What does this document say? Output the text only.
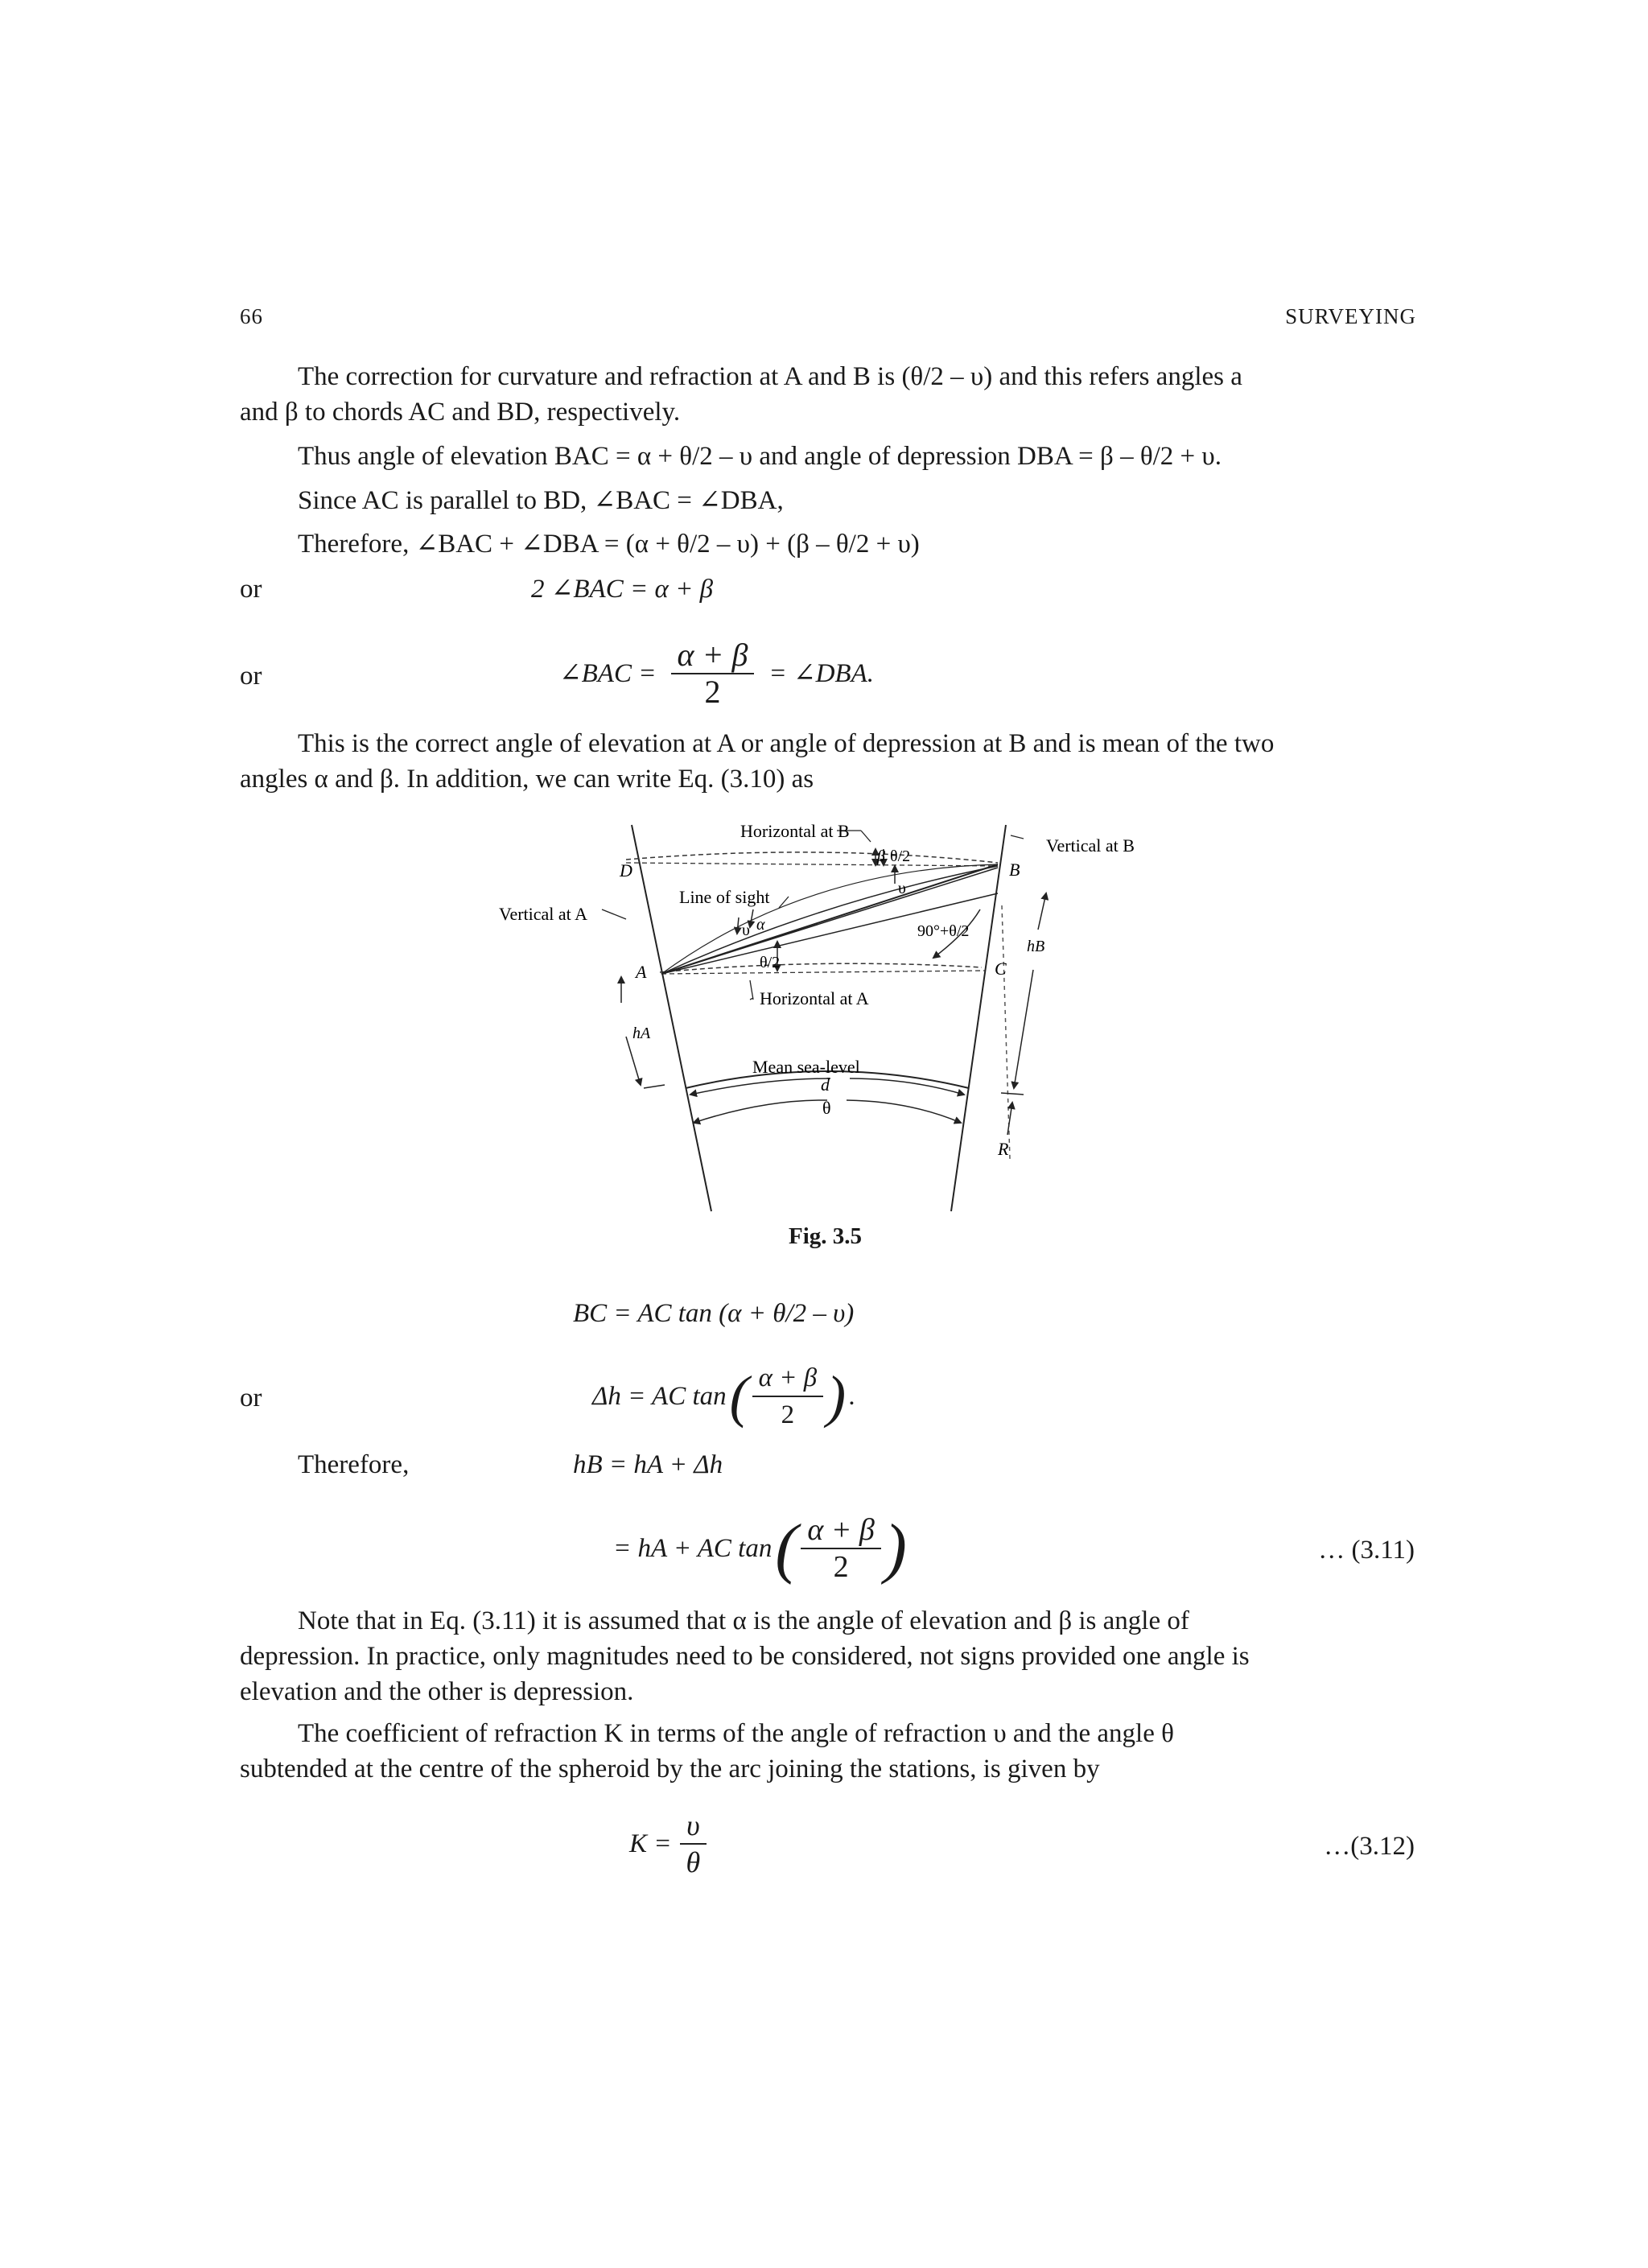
66	SURVEYING
The correction for curvature and refraction at A and B is (θ/2 – υ) and this refers angles a
and β to chords AC and BD, respectively.
Thus angle of elevation BAC = α + θ/2 – υ and angle of depression DBA = β – θ/2 + υ.
Since AC is parallel to BD, ∠BAC = ∠DBA,
Therefore, ∠BAC + ∠DBA = (α + θ/2 – υ) + (β – θ/2 + υ)
or	2 ∠BAC = α + β
or	∠BAC = $\frac{\alpha + \beta}{2}$ = ∠DBA.
This is the correct angle of elevation at A or angle of depression at B and is mean of the two
angles α and β. In addition, we can write Eq. (3.10) as
Horizontal at B
Vertical at B
Vertical at A
Line of sight
Horizontal at A
Mean sea-level
d
θ
R
D
A
B
C
hA
hB
β θ/2
υ
90°+θ/2
υ α
θ/2
Fig. 3.5
BC = AC tan (α + θ/2 – υ)
or	Δh = AC tan ( $\frac{\alpha + \beta}{2}$ ) .
Therefore,	hB = hA + Δh
= hA + AC tan ( $\frac{\alpha + \beta}{2}$ )	… (3.11)
Note that in Eq. (3.11) it is assumed that α is the angle of elevation and β is angle of
depression. In practice, only magnitudes need to be considered, not signs provided one angle is
elevation and the other is depression.
The coefficient of refraction K in terms of the angle of refraction υ and the angle θ
subtended at the centre of the spheroid by the arc joining the stations, is given by
$K = \frac{\upsilon}{\theta}$	…(3.12)
